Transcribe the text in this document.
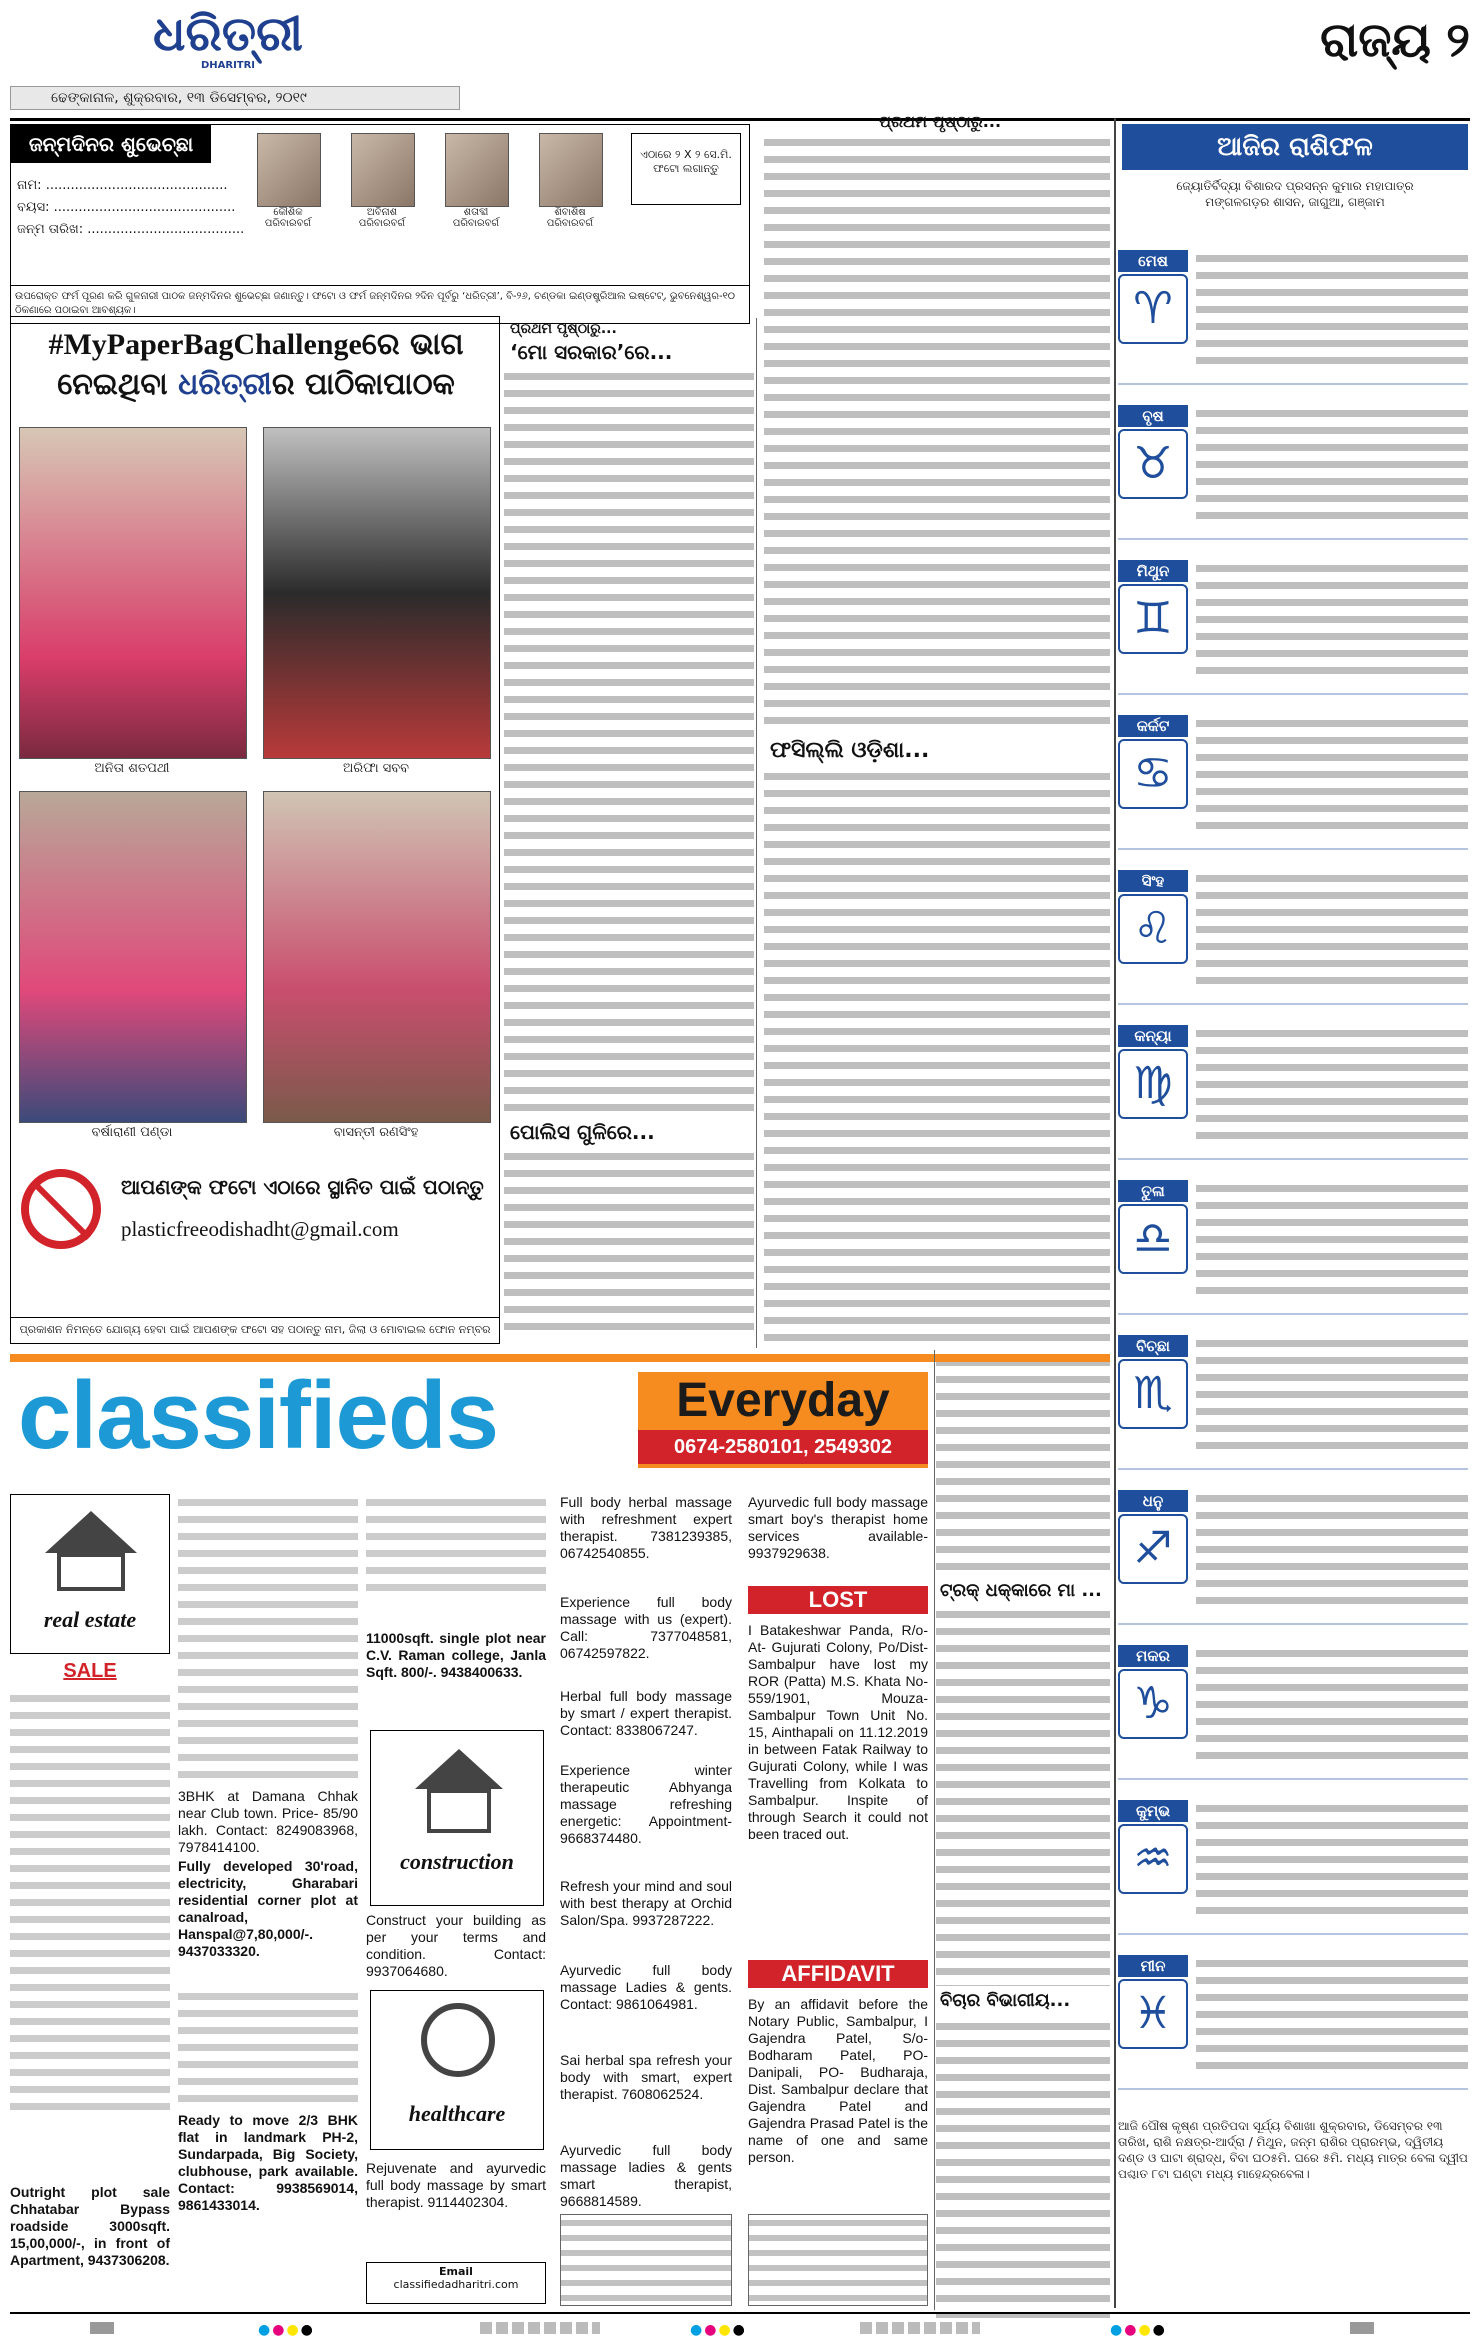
ଧରିତ୍ରୀ
DHARITRI
ଢେଙ୍କାନାଳ, ଶୁକ୍ରବାର, ୧୩ ଡିସେମ୍ବର, ୨୦୧୯
ରାଜ୍ୟ ୨
ଜନ୍ମଦିନର ଶୁଭେଚ୍ଛା
ନାମ: ............................................
ବୟସ: ............................................
ଜନ୍ମ ତାରିଖ: ......................................
କୌଶିକ
ପରିବାରବର୍ଗ
ଅବିନାଶ
ପରିବାରବର୍ଗ
ଶତାବ୍ଦୀ
ପରିବାରବର୍ଗ
ଶିବାଶିଷ
ପରିବାରବର୍ଗ
ଏଠାରେ ୨ X ୨ ସେ.ମି. ଫଟୋ ଲଗାନ୍ତୁ
ଉପରୋକ୍ତ ଫର୍ମ ପୂରଣ କରି ଗୁଳନାରୀ ପାଠକ ଜନ୍ମଦିନର ଶୁଭେଚ୍ଛା ଜଣାନ୍ତୁ। ଫଟୋ ଓ ଫର୍ମ ଜନ୍ମଦିନର ୨ଦିନ ପୂର୍ବରୁ ‘ଧରିତ୍ରୀ’, ବି-୨୬, ଚଣ୍ଡକା ଇଣ୍ଡଷ୍ଟ୍ରିଆଲ ଇଷ୍ଟେଟ୍, ଭୁବନେଶ୍ୱର-୧୦ ଠିକଣାରେ ପଠାଇବା ଆବଶ୍ୟକ।
#MyPaperBagChallengeରେ ଭାଗ
ନେଇଥିବା ଧରିତ୍ରୀର ପାଠିକାପାଠକ
ଅନିତା ଶତପଥୀ	ଅରିଫା ସବବ
ବର୍ଷାରାଣୀ ପଣ୍ଡା	ବାସନ୍ତୀ ରଣସିଂହ
ଆପଣଙ୍କ ଫଟୋ ଏଠାରେ ସ୍ଥାନିତ ପାଇଁ ପଠାନ୍ତୁ
plasticfreeodishadht@gmail.com
ପ୍ରକାଶନ ନିମନ୍ତେ ଯୋଗ୍ୟ ହେବା ପାଇଁ ଆପଣଙ୍କ ଫଟୋ ସହ ପଠାନ୍ତୁ ନାମ, ଜିଲା ଓ ମୋବାଇଲ ଫୋନ ନମ୍ବର
ପ୍ରଥମ ପୃଷ୍ଠାରୁ...
‘ମୋ ସରକାର’ରେ...
ପୋଲିସ ଗୁଳିରେ...
ପ୍ରଥମ ପୃଷ୍ଠାରୁ...
ଫସିଲ୍ଲି ଓଡ଼ିଶା...
ଟ୍ରକ୍ ଧକ୍କାରେ ମା ...
ବିଚାର ବିଭାଗୀୟ...
ଆଜିର ରାଶିଫଳ
ଜ୍ୟୋତିର୍ବିଦ୍ୟା ବିଶାରଦ ପ୍ରସନ୍ନ କୁମାର ମହାପାତ୍ର
ମଙ୍ଗଳଗଡ଼ର ଶାସନ, ଜାଗୁଆ, ଗଞ୍ଜାମ
ମେଷ
♈
ବୃଷ
♉
ମିଥୁନ
♊
କର୍କଟ
♋
ସିଂହ
♌
କନ୍ୟା
♍
ତୁଳା
♎
ବିଚ୍ଛା
♏
ଧନୁ
♐
ମକର
♑
କୁମ୍ଭ
♒
ମୀନ
♓
ଆଜି ପୌଷ କୃଷ୍ଣ ପ୍ରତିପଦା ସୂର୍ଯ୍ୟ ବିଶାଖା ଶୁକ୍ରବାର, ଡିସେମ୍ବର ୧୩ ତାରିଖ, ରାଶି ନକ୍ଷତ୍ର-ଆର୍ଦ୍ରା / ମିଥୁନ, ଜନ୍ମ ରାଶିର ପ୍ରାରମ୍ଭ, ଦ୍ୱିତୀୟ ଦଣ୍ଡ ଓ ଘାଟା ଶ୍ରାଦ୍ଧ, ବିବା ଘ୦୫ମି. ଘରେ ୫ମି. ମଧ୍ୟ ମାତ୍ର ବେଳା ଦ୍ୱୀପ ପଶ୍ଚାତ ୮ଟା ଘଣ୍ଟା ମଧ୍ୟ ମାହେନ୍ଦ୍ରବେଳା।
classifieds	Everyday
0674-2580101, 2549302
real estate
SALE
Outright plot sale Chhatabar Bypass roadside 3000sqft. 15,00,000/-, in front of Apartment, 9437306208.
3BHK at Damana Chhak near Club town. Price- 85/90 lakh. Contact: 8249083968, 7978414100.
Fully developed 30'road, electricity, Gharabari residential corner plot at canalroad, Hanspal@7,80,000/-. 9437033320.
Ready to move 2/3 BHK flat in landmark PH-2, Sundarpada, Big Society, clubhouse, park available. Contact: 9938569014, 9861433014.
11000sqft. single plot near C.V. Raman college, Janla Sqft. 800/-. 9438400633.
construction
Construct your building as per your terms and condition. Contact: 9937064680.
healthcare
Rejuvenate and ayurvedic full body massage by smart therapist. 9114402304.
Email
classifiedadharitri.com
Full body herbal massage with refreshment expert therapist. 7381239385, 06742540855.
Experience full body massage with us (expert). Call: 7377048581, 06742597822.
Herbal full body massage by smart / expert therapist. Contact: 8338067247.
Experience winter therapeutic Abhyanga massage refreshing energetic: Appointment- 9668374480.
Refresh your mind and soul with best therapy at Orchid Salon/Spa. 9937287222.
Ayurvedic full body massage Ladies & gents. Contact: 9861064981.
Sai herbal spa refresh your body with smart, expert therapist. 7608062524.
Ayurvedic full body massage ladies & gents smart therapist, 9668814589.
Ayurvedic full body massage smart boy's therapist home services available- 9937929638.
LOST
I Batakeshwar Panda, R/o- At- Gujurati Colony, Po/Dist- Sambalpur have lost my ROR (Patta) M.S. Khata No- 559/1901, Mouza- Sambalpur Town Unit No. 15, Ainthapali on 11.12.2019 in between Fatak Railway to Gujurati Colony, while I was Travelling from Kolkata to Sambalpur. Inspite of through Search it could not been traced out.
AFFIDAVIT
By an affidavit before the Notary Public, Sambalpur, I Gajendra Patel, S/o- Bodharam Patel, PO- Danipali, PO- Budharaja, Dist. Sambalpur declare that Gajendra Patel and Gajendra Prasad Patel is the name of one and same person.
●●●●	●●●●	●●●●
